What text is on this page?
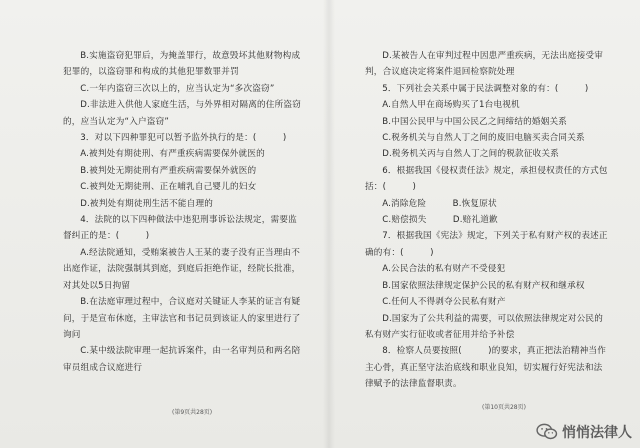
B.实施盗窃犯罪后，为掩盖罪行，故意毁坏其他财物构成犯罪的，以盗窃罪和构成的其他犯罪数罪并罚

C.一年内盗窃三次以上的，应当认定为“多次盗窃”

D.非法进入供他人家庭生活，与外界相对隔离的住所盗窃的，应当认定为“入户盗窃”

3．对以下四种罪犯可以暂予监外执行的是：(　　　)

A.被判处有期徒刑、有严重疾病需要保外就医的

B.被判处无期徒刑有严重疾病需要保外就医的

C.被判处无期徒刑、正在哺乳自己婴儿的妇女

D.被判处有期徒刑生活不能自理的

4．法院的以下四种做法中违犯刑事诉讼法规定，需要监督纠正的是：(　　　)

A.经法院通知，受贿案被告人王某的妻子没有正当理由不出庭作证，法院强制其到庭，到庭后拒绝作证，经院长批准，对其处以5日拘留

B.在法庭审理过程中，合议庭对关键证人李某的证言有疑问，于是宣布休庭，主审法官和书记员到该证人的家里进行了询问

C.某中级法院审理一起抗诉案件，由一名审判员和两名陪审员组成合议庭进行

D.某被告人在审判过程中因患严重疾病，无法出庭接受审判，合议庭决定将案件退回检察院处理

5．下列社会关系中属于民法调整对象的有：(　　　)

A.自然人甲在商场购买了1台电视机

B.中国公民甲与中国公民乙之间缔结的婚姻关系

C.税务机关与自然人丁之间的废旧电脑买卖合同关系

D.税务机关丙与自然人丁之间的税款征收关系

6．根据我国《侵权责任法》规定，承担侵权责任的方式包括：(　　　)

A.消除危险　　　B.恢复原状

C.赔偿损失　　　D.赔礼道歉

7．根据我国《宪法》规定，下列关于私有财产权的表述正确的有：(　　　)

A.公民合法的私有财产不受侵犯

B.国家依照法律规定保护公民的私有财产权和继承权

C.任何人不得剥夺公民私有财产

D.国家为了公共利益的需要，可以依照法律规定对公民的私有财产实行征收或者征用并给予补偿

8．检察人员要按照(　　　)的要求，真正把法治精神当作主心骨，真正坚守法治底线和职业良知，切实履行好宪法和法律赋予的法律监督职责。

(第9页共28页)
(第10页共28页)
悄悄法律人
